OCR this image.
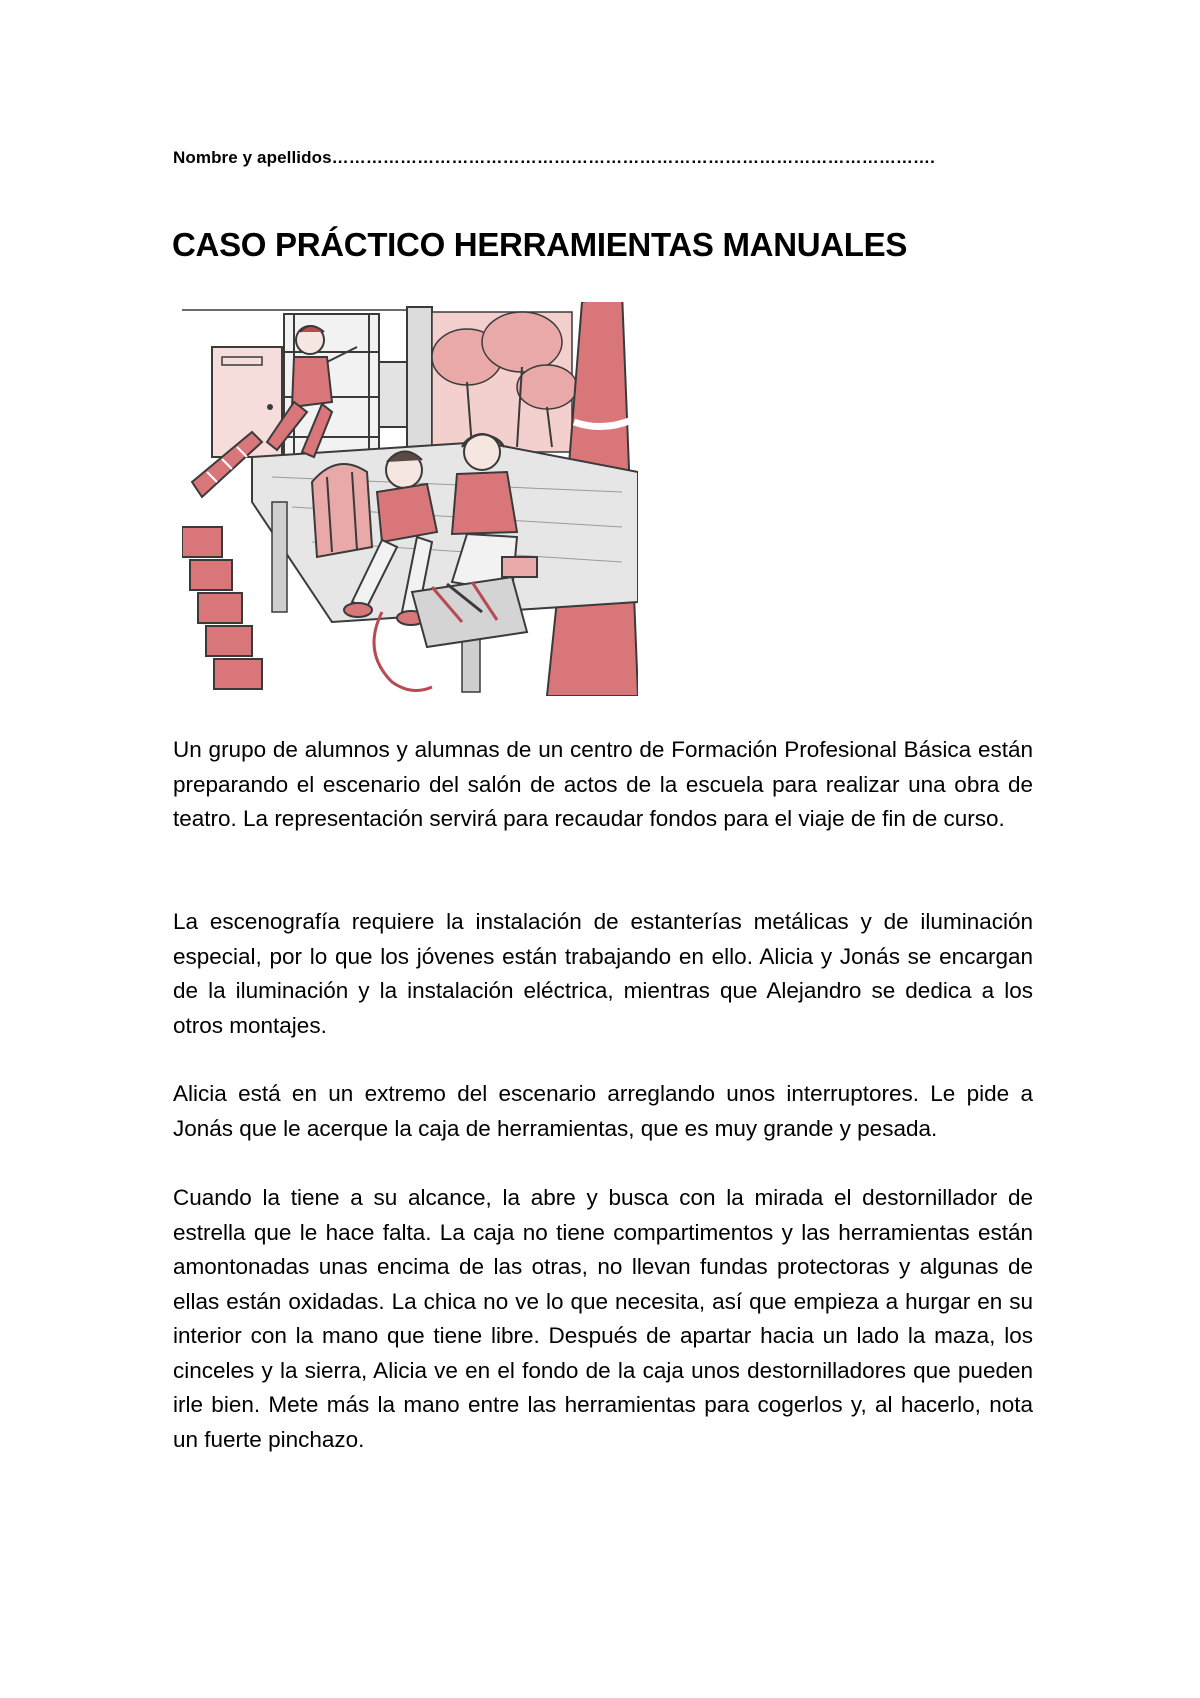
Nombre y apellidos…………………………………………………………………………………………….
CASO PRÁCTICO HERRAMIENTAS MANUALES

Un grupo de alumnos y alumnas de un centro de Formación Profesional Básica están preparando el escenario del salón de actos de la escuela para realizar una obra de teatro. La representación servirá para recaudar fondos para el viaje de fin de curso.

La escenografía requiere la instalación de estanterías metálicas y de iluminación especial, por lo que los jóvenes están trabajando en ello. Alicia y Jonás se encargan de la iluminación y la instalación eléctrica, mientras que Alejandro se dedica a los otros montajes.

Alicia está en un extremo del escenario arreglando unos interruptores. Le pide a Jonás que le acerque la caja de herramientas, que es muy grande y pesada.

Cuando la tiene a su alcance, la abre y busca con la mirada el destornillador de estrella que le hace falta. La caja no tiene compartimentos y las herramientas están amontonadas unas encima de las otras, no llevan fundas protectoras y algunas de ellas están oxidadas. La chica no ve lo que necesita, así que empieza a hurgar en su interior con la mano que tiene libre. Después de apartar hacia un lado la maza, los cinceles y la sierra, Alicia ve en el fondo de la caja unos destornilladores que pueden irle bien. Mete más la mano entre las herramientas para cogerlos y, al hacerlo, nota un fuerte pinchazo.
